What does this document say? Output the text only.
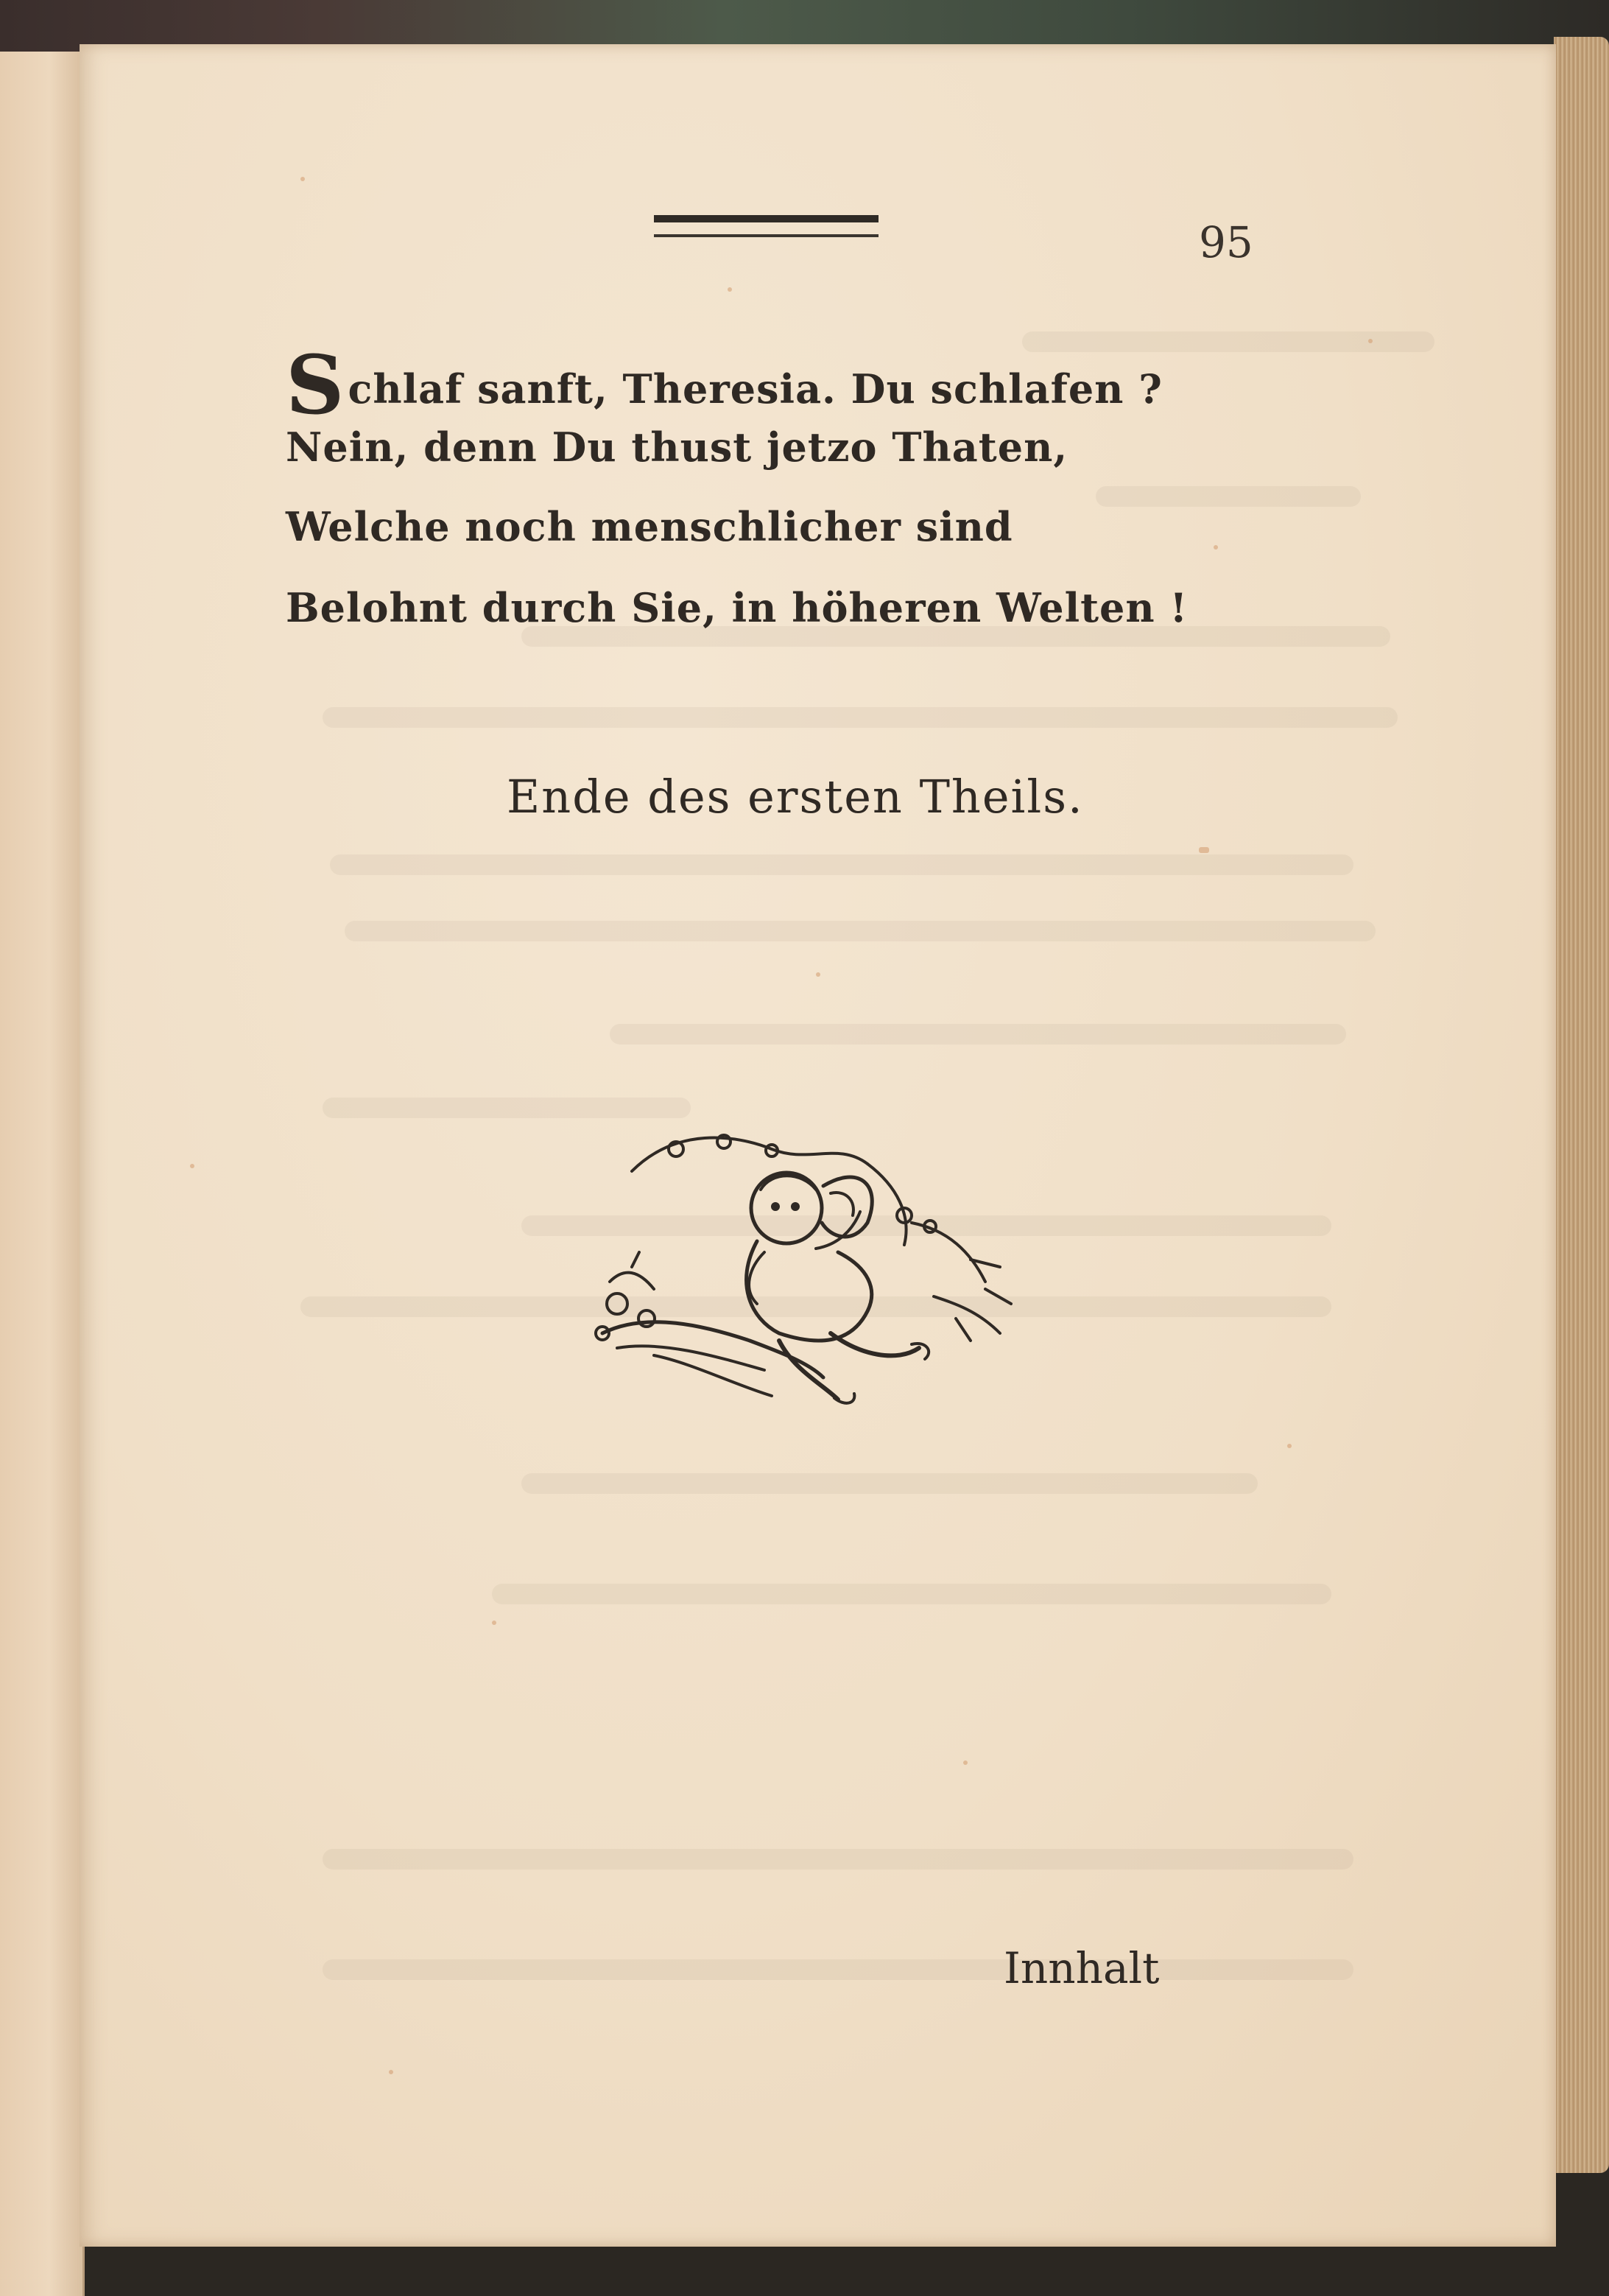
95
Schlaf sanft, Theresia. Du schlafen ?
Nein, denn Du thust jetzo Thaten,
Welche noch menschlicher sind
Belohnt durch Sie, in höheren Welten !
Ende des ersten Theils.
Innhalt
